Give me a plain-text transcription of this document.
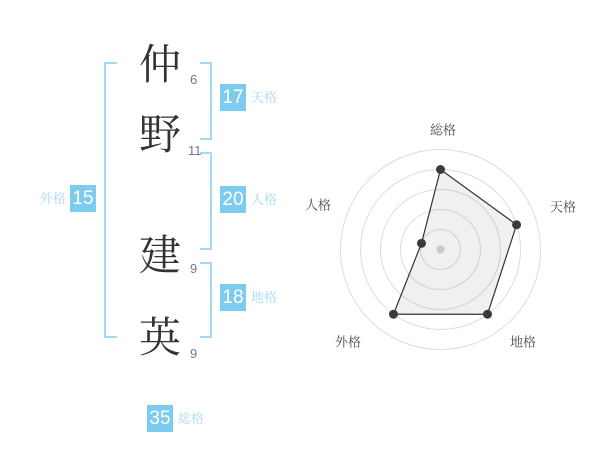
仲
野
建
英
6
11
9
9
外格 15
17 天格
20 人格
18 地格
35 総格
総格
天格
地格
外格
人格
